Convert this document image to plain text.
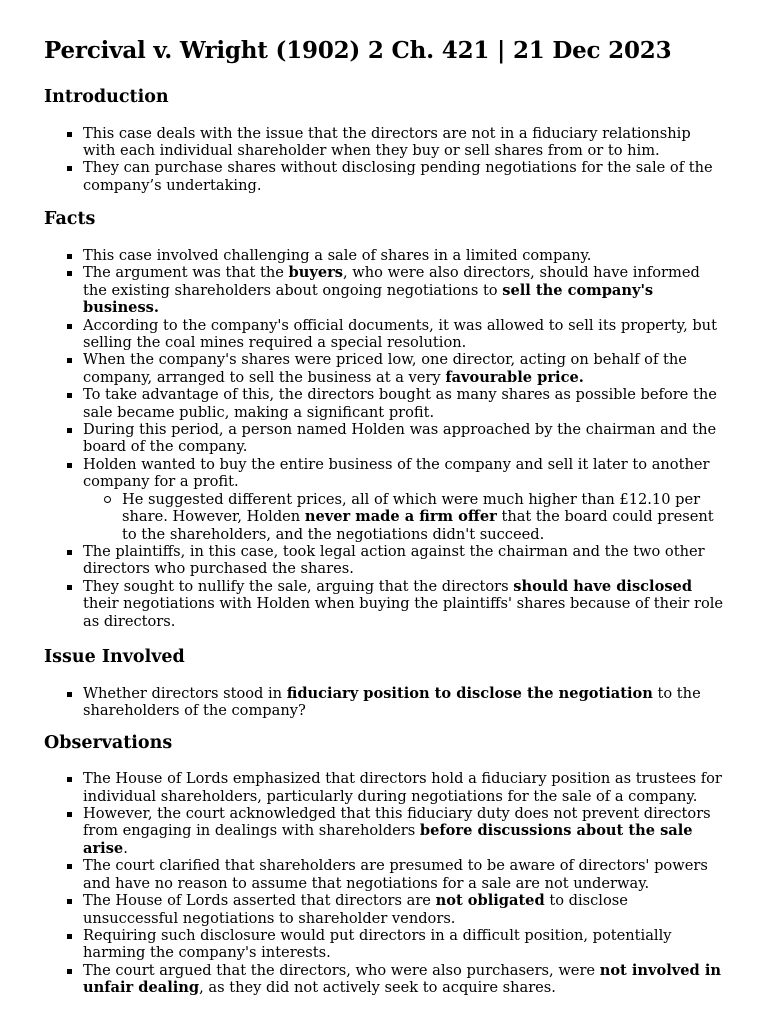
Percival v. Wright (1902) 2 Ch. 421 | 21 Dec 2023
Introduction
This case deals with the issue that the directors are not in a fiduciary relationship with each individual shareholder when they buy or sell shares from or to him.
They can purchase shares without disclosing pending negotiations for the sale of the company’s undertaking.
Facts
This case involved challenging a sale of shares in a limited company.
The argument was that the buyers, who were also directors, should have informed the existing shareholders about ongoing negotiations to sell the company's business.
According to the company's official documents, it was allowed to sell its property, but selling the coal mines required a special resolution.
When the company's shares were priced low, one director, acting on behalf of the company, arranged to sell the business at a very favourable price.
To take advantage of this, the directors bought as many shares as possible before the sale became public, making a significant profit.
During this period, a person named Holden was approached by the chairman and the board of the company.
Holden wanted to buy the entire business of the company and sell it later to another company for a profit.
He suggested different prices, all of which were much higher than £12.10 per share. However, Holden never made a firm offer that the board could present to the shareholders, and the negotiations didn't succeed.
The plaintiffs, in this case, took legal action against the chairman and the two other directors who purchased the shares.
They sought to nullify the sale, arguing that the directors should have disclosed their negotiations with Holden when buying the plaintiffs' shares because of their role as directors.
Issue Involved
Whether directors stood in fiduciary position to disclose the negotiation to the shareholders of the company?
Observations
The House of Lords emphasized that directors hold a fiduciary position as trustees for individual shareholders, particularly during negotiations for the sale of a company.
However, the court acknowledged that this fiduciary duty does not prevent directors from engaging in dealings with shareholders before discussions about the sale arise.
The court clarified that shareholders are presumed to be aware of directors' powers and have no reason to assume that negotiations for a sale are not underway.
The House of Lords asserted that directors are not obligated to disclose unsuccessful negotiations to shareholder vendors.
Requiring such disclosure would put directors in a difficult position, potentially harming the company's interests.
The court argued that the directors, who were also purchasers, were not involved in unfair dealing, as they did not actively seek to acquire shares.
